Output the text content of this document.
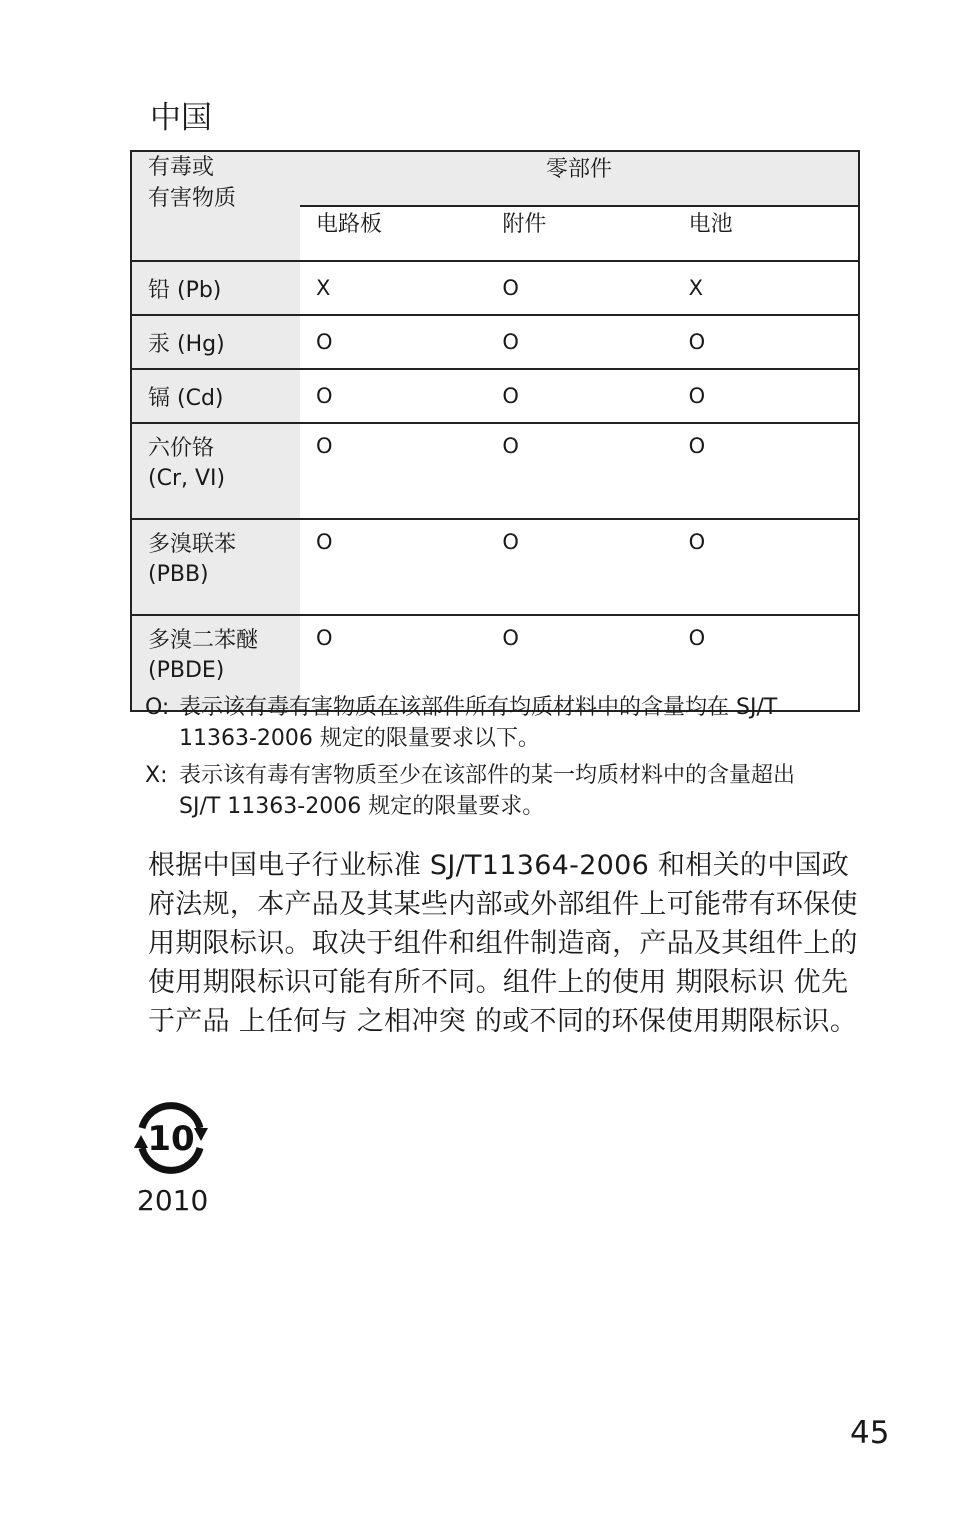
中国
有毒或
有害物质	零部件		
	电路板	附件	电池
铅 (Pb)	X	O	X
汞 (Hg)	O	O	O
镉 (Cd)	O	O	O

六价铬
(Cr, VI)	O	O	O

多溴联苯
(PBB)	O	O	O

多溴二苯醚
(PBDE)	O	O	O
O: 表示该有毒有害物质在该部件所有均质材料中的含量均在 SJ/T 11363-2006 规定的限量要求以下。
X: 表示该有毒有害物质至少在该部件的某一均质材料中的含量超出 SJ/T 11363-2006 规定的限量要求。
根据中国电子行业标准 SJ/T11364-2006 和相关的中国政府法规，本产品及其某些内部或外部组件上可能带有环保使用期限标识。取决于组件和组件制造商，产品及其组件上的使用期限标识可能有所不同。组件上的使用 期限标识 优先于产品 上任何与 之相冲突 的或不同的环保使用期限标识。
10
2010
45
